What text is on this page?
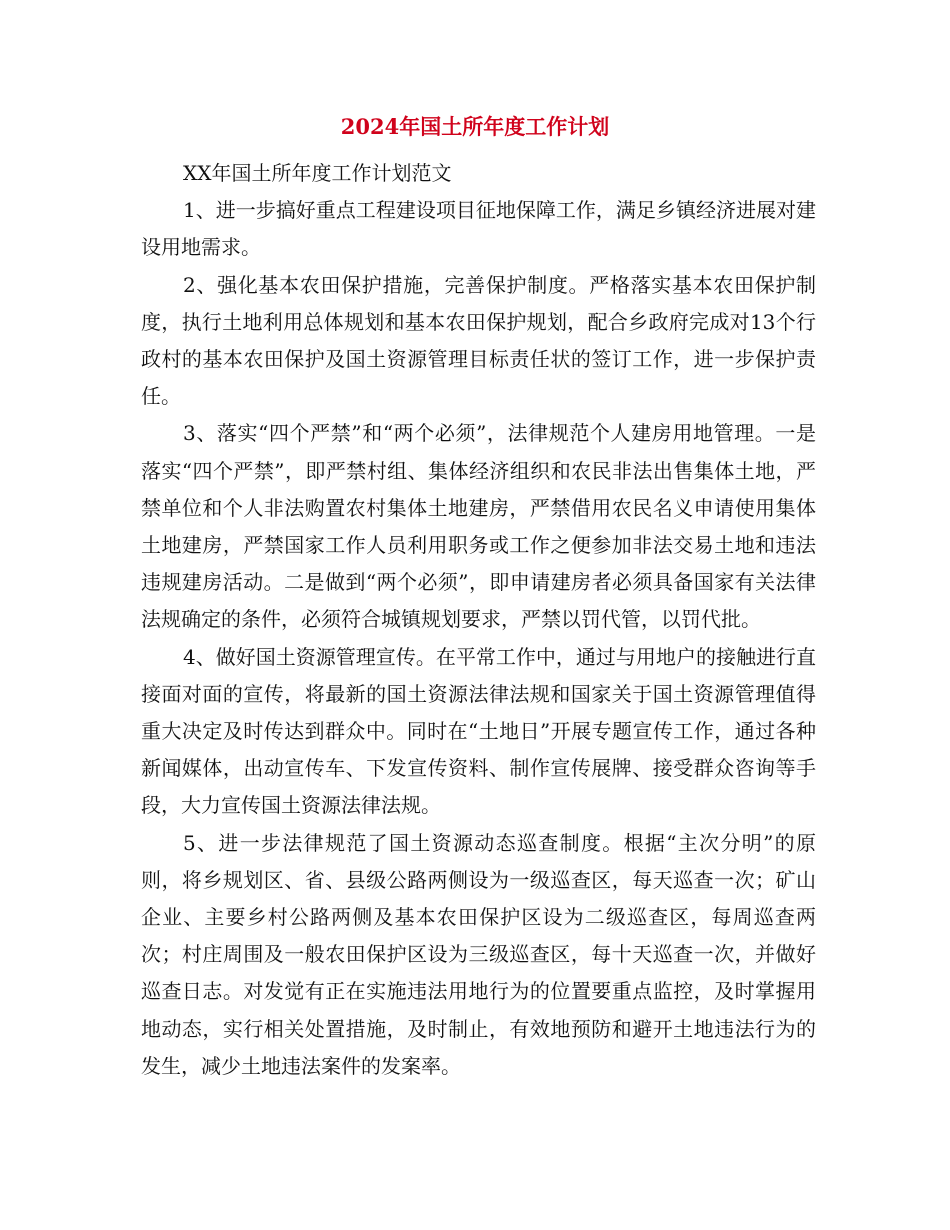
2024年国土所年度工作计划

XX年国土所年度工作计划范文

1、进一步搞好重点工程建设项目征地保障工作，满足乡镇经济进展对建设用地需求。

2、强化基本农田保护措施，完善保护制度。严格落实基本农田保护制度，执行土地利用总体规划和基本农田保护规划，配合乡政府完成对13个行政村的基本农田保护及国土资源管理目标责任状的签订工作，进一步保护责任。

3、落实“四个严禁”和“两个必须”，法律规范个人建房用地管理。一是落实“四个严禁”，即严禁村组、集体经济组织和农民非法出售集体土地，严禁单位和个人非法购置农村集体土地建房，严禁借用农民名义申请使用集体土地建房，严禁国家工作人员利用职务或工作之便参加非法交易土地和违法违规建房活动。二是做到“两个必须”，即申请建房者必须具备国家有关法律法规确定的条件，必须符合城镇规划要求，严禁以罚代管，以罚代批。

4、做好国土资源管理宣传。在平常工作中，通过与用地户的接触进行直接面对面的宣传，将最新的国土资源法律法规和国家关于国土资源管理值得重大决定及时传达到群众中。同时在“土地日”开展专题宣传工作，通过各种新闻媒体，出动宣传车、下发宣传资料、制作宣传展牌、接受群众咨询等手段，大力宣传国土资源法律法规。

5、进一步法律规范了国土资源动态巡查制度。根据“主次分明”的原则，将乡规划区、省、县级公路两侧设为一级巡查区，每天巡查一次；矿山企业、主要乡村公路两侧及基本农田保护区设为二级巡查区，每周巡查两次；村庄周围及一般农田保护区设为三级巡查区，每十天巡查一次，并做好巡查日志。对发觉有正在实施违法用地行为的位置要重点监控，及时掌握用地动态，实行相关处置措施，及时制止，有效地预防和避开土地违法行为的发生，减少土地违法案件的发案率。
